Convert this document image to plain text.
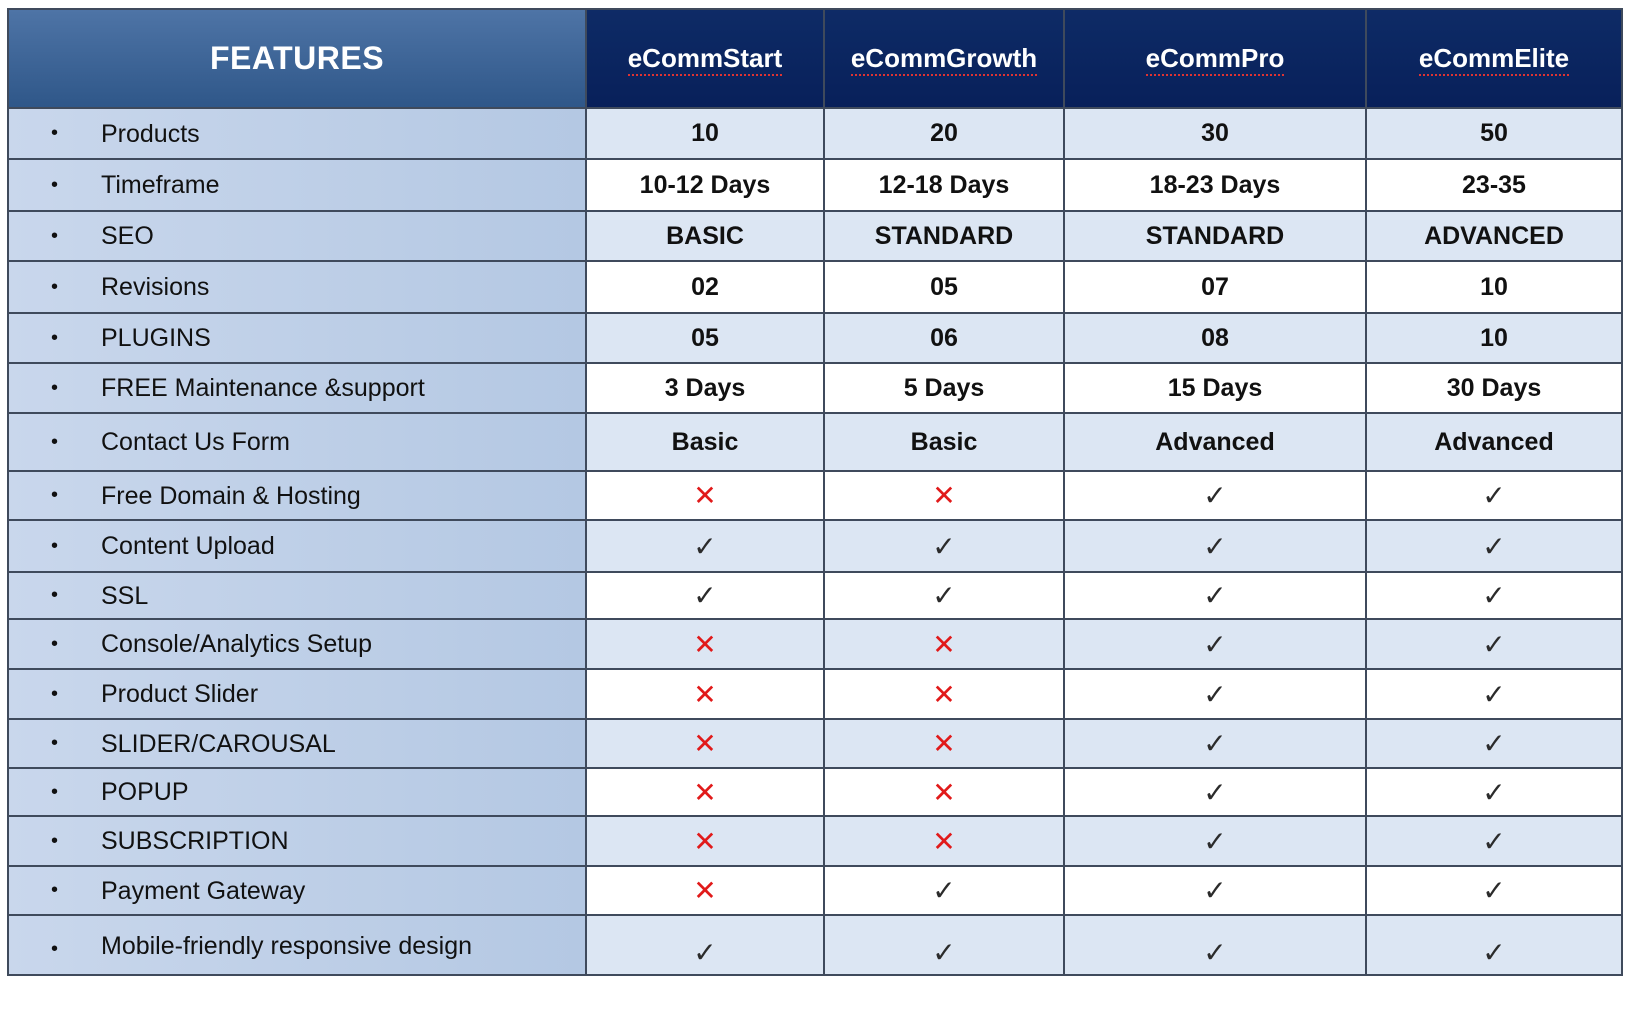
FEATURES	eCommStart	eCommGrowth	eCommPro	eCommElite
• Products	10	20	30	50
• Timeframe	10-12 Days	12-18 Days	18-23 Days	23-35
• SEO	BASIC	STANDARD	STANDARD	ADVANCED
• Revisions	02	05	07	10
• PLUGINS	05	06	08	10
• FREE Maintenance &support	3 Days	5 Days	15 Days	30 Days
• Contact Us Form	Basic	Basic	Advanced	Advanced
• Free Domain & Hosting	✕	✕	✓	✓
• Content Upload	✓	✓	✓	✓
• SSL	✓	✓	✓	✓
• Console/Analytics Setup	✕	✕	✓	✓
• Product Slider	✕	✕	✓	✓
• SLIDER/CAROUSAL	✕	✕	✓	✓
• POPUP	✕	✕	✓	✓
• SUBSCRIPTION	✕	✕	✓	✓
• Payment Gateway	✕	✓	✓	✓
• Mobile-friendly responsive design	✓	✓	✓	✓
